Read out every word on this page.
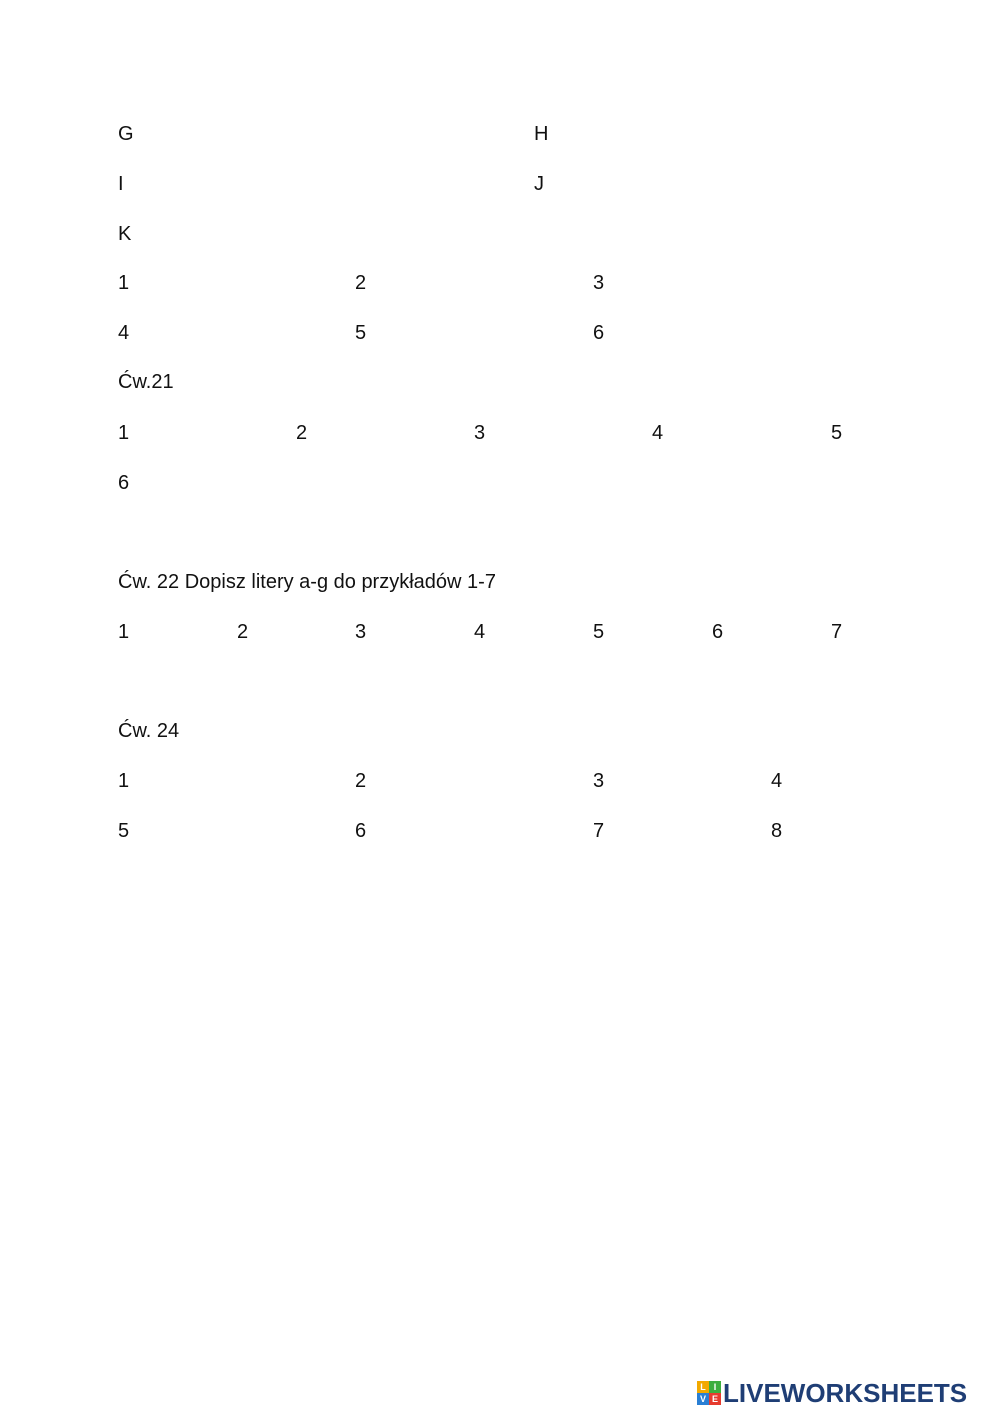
G	H
I	J
K
1	2	3
4	5	6
Ćw.21
1	2	3	4	5
6
Ćw. 22 Dopisz litery a-g do przykładów 1-7
1	2	3	4	5	6	7
Ćw. 24
1	2	3	4
5	6	7	8
L I
V E LIVEWORKSHEETS
